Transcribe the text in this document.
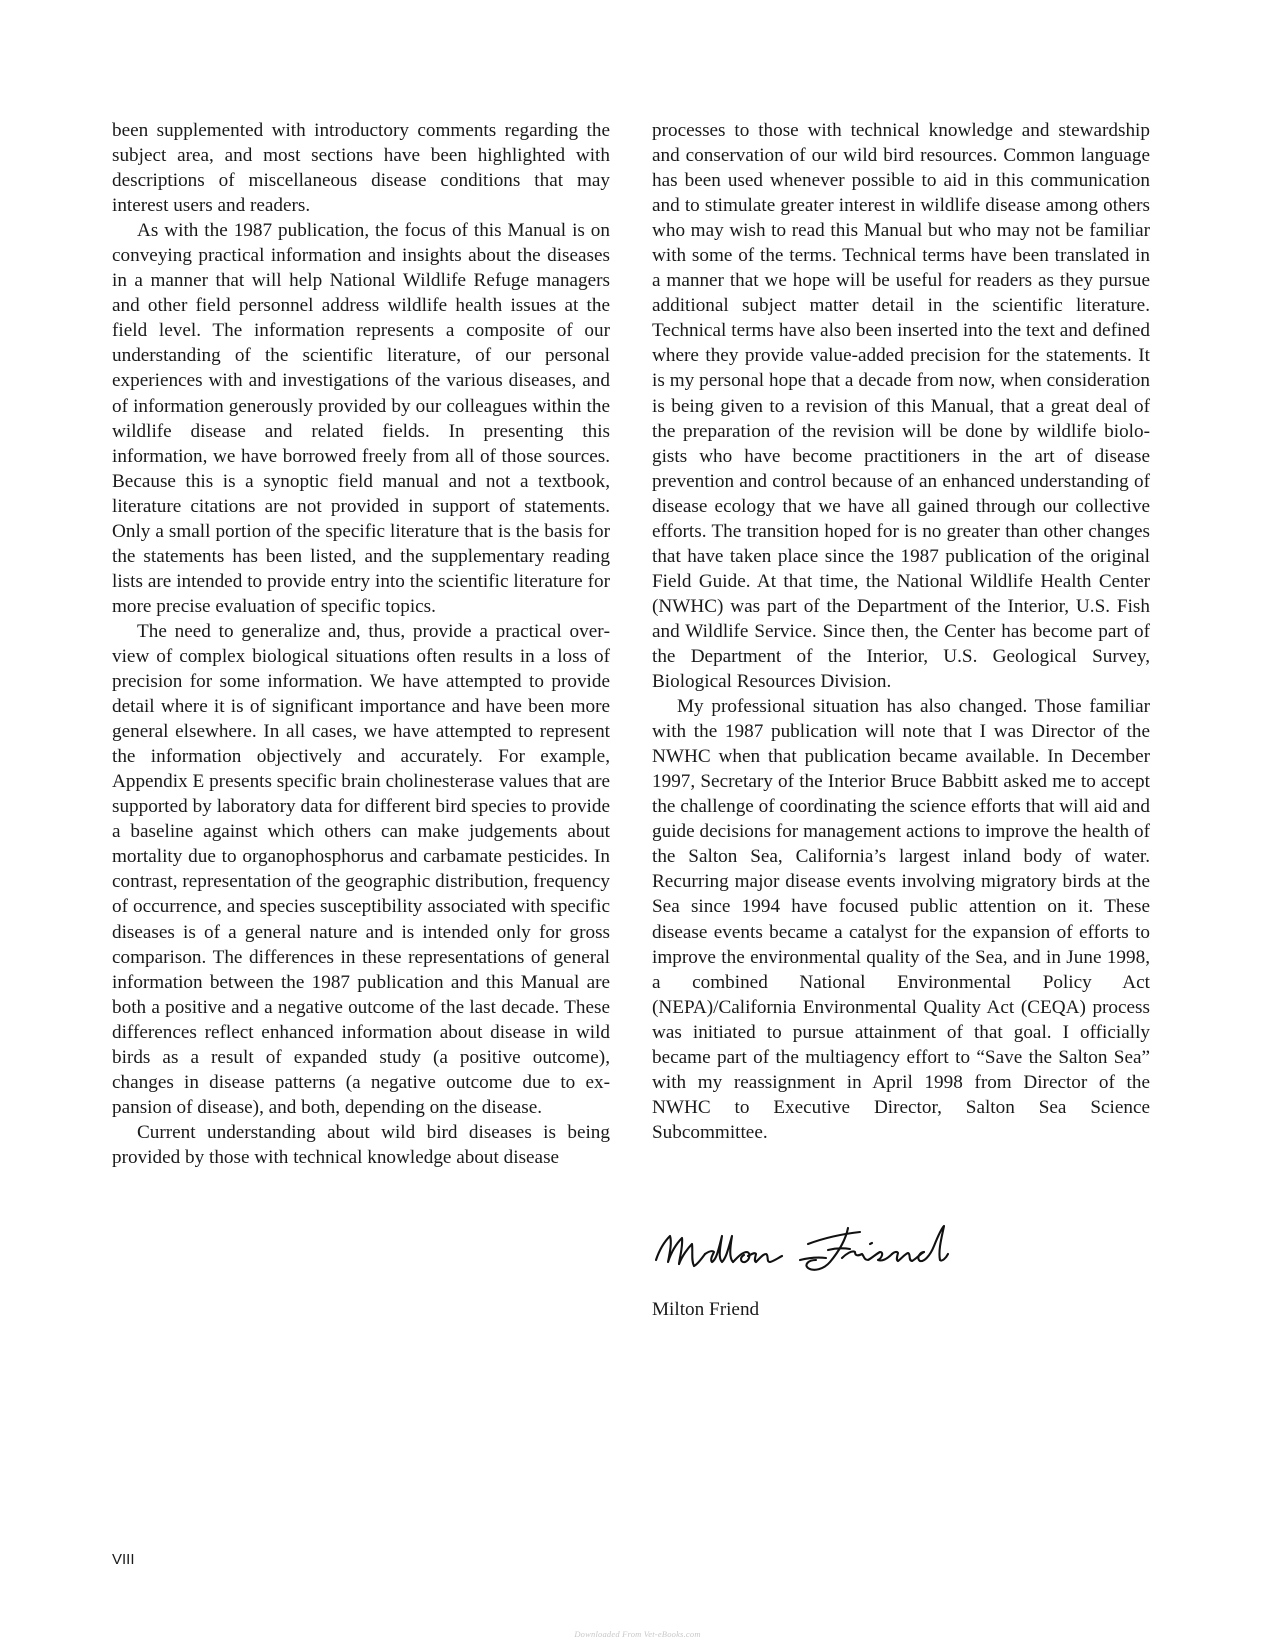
been supplemented with introductory comments regarding the subject area, and most sections have been highlighted with descriptions of miscellaneous disease conditions that may interest users and readers.

As with the 1987 publication, the focus of this Manual is on conveying practical information and insights about the diseases in a manner that will help National Wildlife Refuge managers and other field personnel address wildlife health issues at the field level. The information represents a composite of our understanding of the scientific literature, of our personal experiences with and investigations of the various diseases, and of information generously provided by our colleagues within the wildlife disease and related fields. In presenting this information, we have borrowed freely from all of those sources. Because this is a synoptic field manual and not a textbook, literature citations are not provided in support of statements. Only a small portion of the specific literature that is the basis for the statements has been listed, and the supplementary reading lists are intended to provide entry into the scientific literature for more precise evaluation of specific topics.

The need to generalize and, thus, provide a practical overview of complex biological situations often results in a loss of precision for some information. We have attempted to provide detail where it is of significant importance and have been more general elsewhere. In all cases, we have attempted to represent the information objectively and accurately. For example, Appendix E presents specific brain cholinesterase values that are supported by laboratory data for different bird species to provide a baseline against which others can make judgements about mortality due to organophosphorus and carbamate pesticides. In contrast, representation of the geographic distribution, frequency of occurrence, and species susceptibility associated with specific diseases is of a general nature and is intended only for gross comparison. The differences in these representations of general information between the 1987 publication and this Manual are both a positive and a negative outcome of the last decade. These differences reflect enhanced information about disease in wild birds as a result of expanded study (a positive outcome), changes in disease patterns (a negative outcome due to expansion of disease), and both, depending on the disease.

Current understanding about wild bird diseases is being provided by those with technical knowledge about disease

processes to those with technical knowledge and stewardship and conservation of our wild bird resources. Common language has been used whenever possible to aid in this communication and to stimulate greater interest in wildlife disease among others who may wish to read this Manual but who may not be familiar with some of the terms. Technical terms have been translated in a manner that we hope will be useful for readers as they pursue additional subject matter detail in the scientific literature. Technical terms have also been inserted into the text and defined where they provide value-added precision for the statements. It is my personal hope that a decade from now, when consideration is being given to a revision of this Manual, that a great deal of the preparation of the revision will be done by wildlife biologists who have become practitioners in the art of disease prevention and control because of an enhanced understanding of disease ecology that we have all gained through our collective efforts. The transition hoped for is no greater than other changes that have taken place since the 1987 publication of the original Field Guide. At that time, the National Wildlife Health Center (NWHC) was part of the Department of the Interior, U.S. Fish and Wildlife Service. Since then, the Center has become part of the Department of the Interior, U.S. Geological Survey, Biological Resources Division.

My professional situation has also changed. Those familiar with the 1987 publication will note that I was Director of the NWHC when that publication became available. In December 1997, Secretary of the Interior Bruce Babbitt asked me to accept the challenge of coordinating the science efforts that will aid and guide decisions for management actions to improve the health of the Salton Sea, California’s largest inland body of water. Recurring major disease events involving migratory birds at the Sea since 1994 have focused public attention on it. These disease events became a catalyst for the expansion of efforts to improve the environmental quality of the Sea, and in June 1998, a combined National Environmental Policy Act (NEPA)/California Environmental Quality Act (CEQA) process was initiated to pursue attainment of that goal. I officially became part of the multiagency effort to “Save the Salton Sea” with my reassignment in April 1998 from Director of the NWHC to Executive Director, Salton Sea Science Subcommittee.

Milton Friend
VIII
Downloaded From Vet-eBooks.com
